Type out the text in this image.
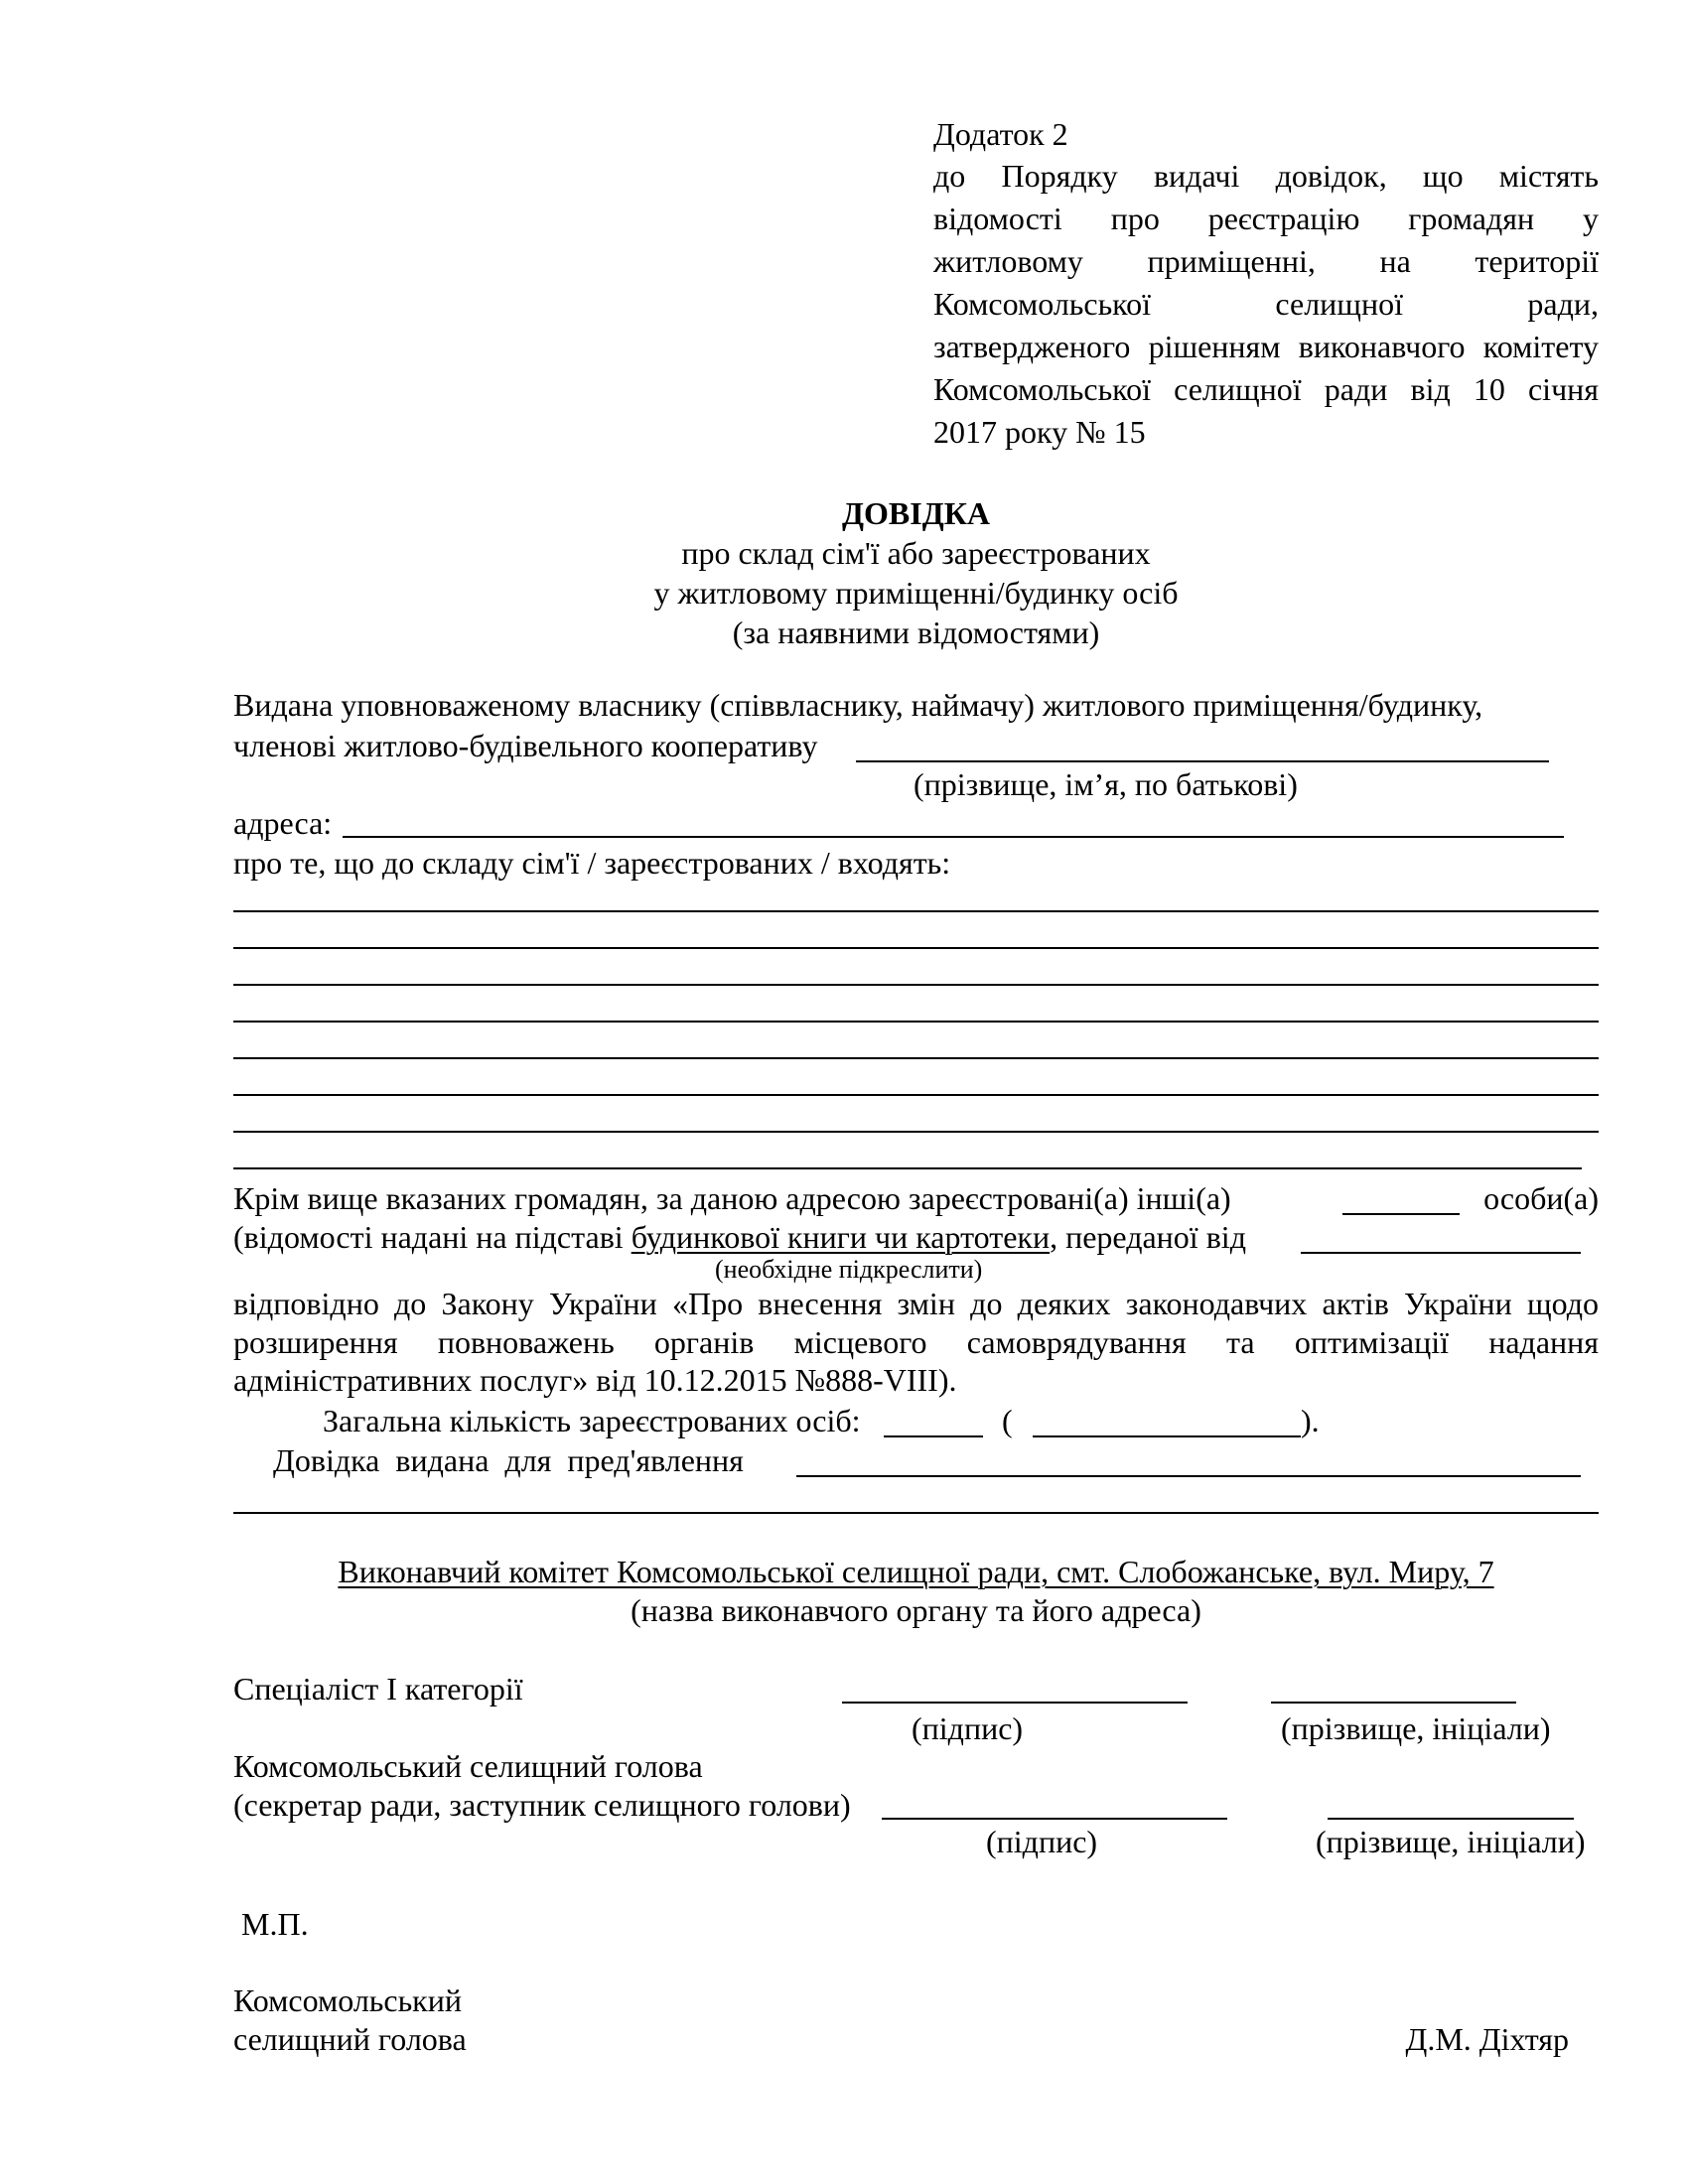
Додаток 2
до Порядку видачі довідок, що містять
відомості про реєстрацію громадян у
житловому приміщенні, на території
Комсомольської селищної ради,
затвердженого рішенням виконавчого комітету
Комсомольської селищної ради від 10 січня
2017 року № 15
ДОВІДКА
про склад сім'ї або зареєстрованих
у житловому приміщенні/будинку осіб
(за наявними відомостями)
Видана уповноваженому власнику (співвласнику, наймачу) житлового приміщення/будинку,
членові житлово-будівельного кооперативу
(прізвище, ім’я, по батькові)
адреса:
про те, що до складу сім'ї / зареєстрованих / входять:
Крім вище вказаних громадян, за даною адресою зареєстровані(а) інші(а)	особи(а)
(відомості надані на підставі будинкової книги чи картотеки, переданої від
(необхідне підкреслити)
відповідно до Закону України «Про внесення змін до деяких законодавчих актів України щодо
розширення повноважень органів місцевого самоврядування та оптимізації надання
адміністративних послуг» від 10.12.2015 №888-VIII).
Загальна кількість зареєстрованих осіб:	(	).
Довідка видана для пред'явлення
Виконавчий комітет Комсомольської селищної ради, смт. Слобожанське, вул. Миру, 7
(назва виконавчого органу та його адреса)
Спеціаліст І категорії
(підпис)	(прізвище, ініціали)
Комсомольський селищний голова
(секретар ради, заступник селищного голови)
(підпис)	(прізвище, ініціали)
М.П.
Комсомольський
селищний голова	Д.М. Діхтяр
